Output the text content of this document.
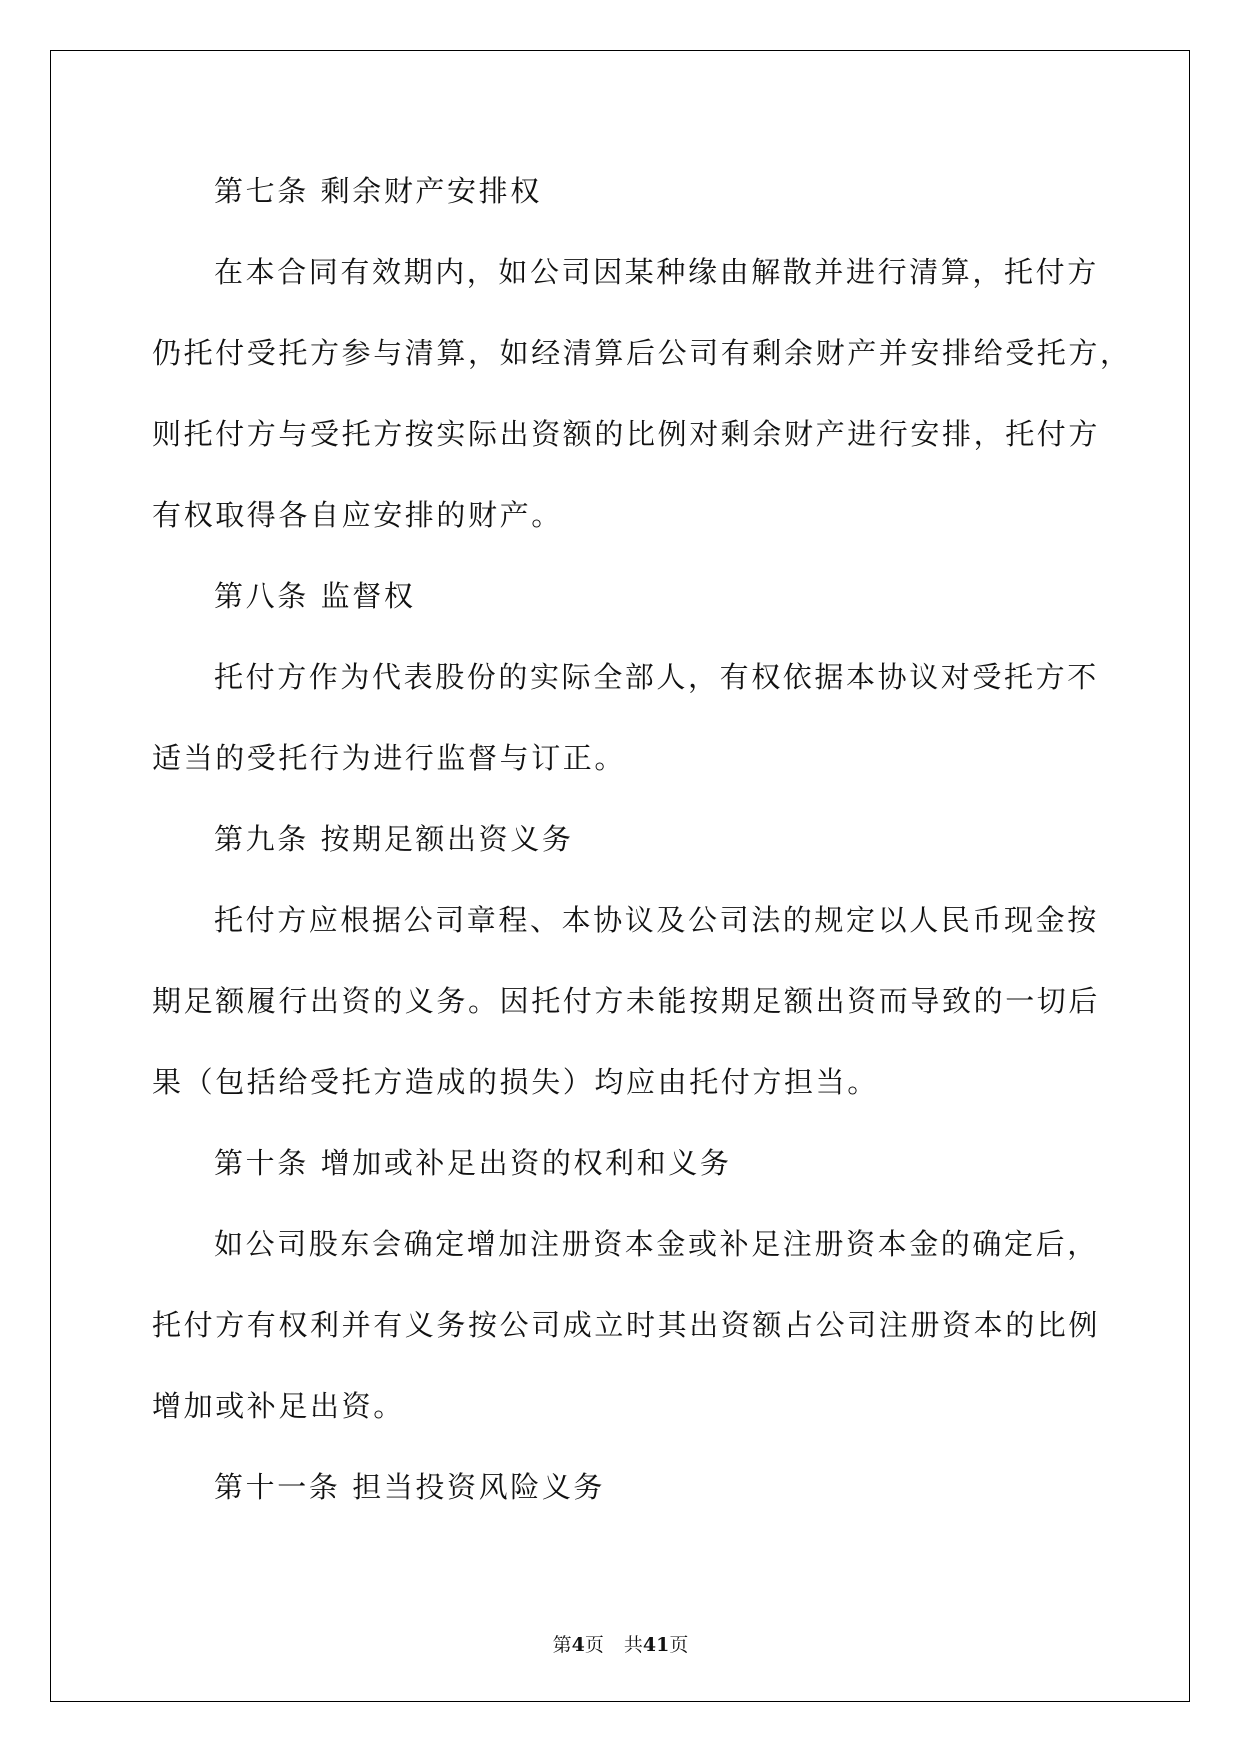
第七条 剩余财产安排权
在本合同有效期内，如公司因某种缘由解散并进行清算，托付方
仍托付受托方参与清算，如经清算后公司有剩余财产并安排给受托方，
则托付方与受托方按实际出资额的比例对剩余财产进行安排，托付方
有权取得各自应安排的财产。
第八条 监督权
托付方作为代表股份的实际全部人，有权依据本协议对受托方不
适当的受托行为进行监督与订正。
第九条 按期足额出资义务
托付方应根据公司章程、本协议及公司法的规定以人民币现金按
期足额履行出资的义务。因托付方未能按期足额出资而导致的一切后
果（包括给受托方造成的损失）均应由托付方担当。
第十条 增加或补足出资的权利和义务
如公司股东会确定增加注册资本金或补足注册资本金的确定后，
托付方有权利并有义务按公司成立时其出资额占公司注册资本的比例
增加或补足出资。
第十一条 担当投资风险义务
第4页 共41页
